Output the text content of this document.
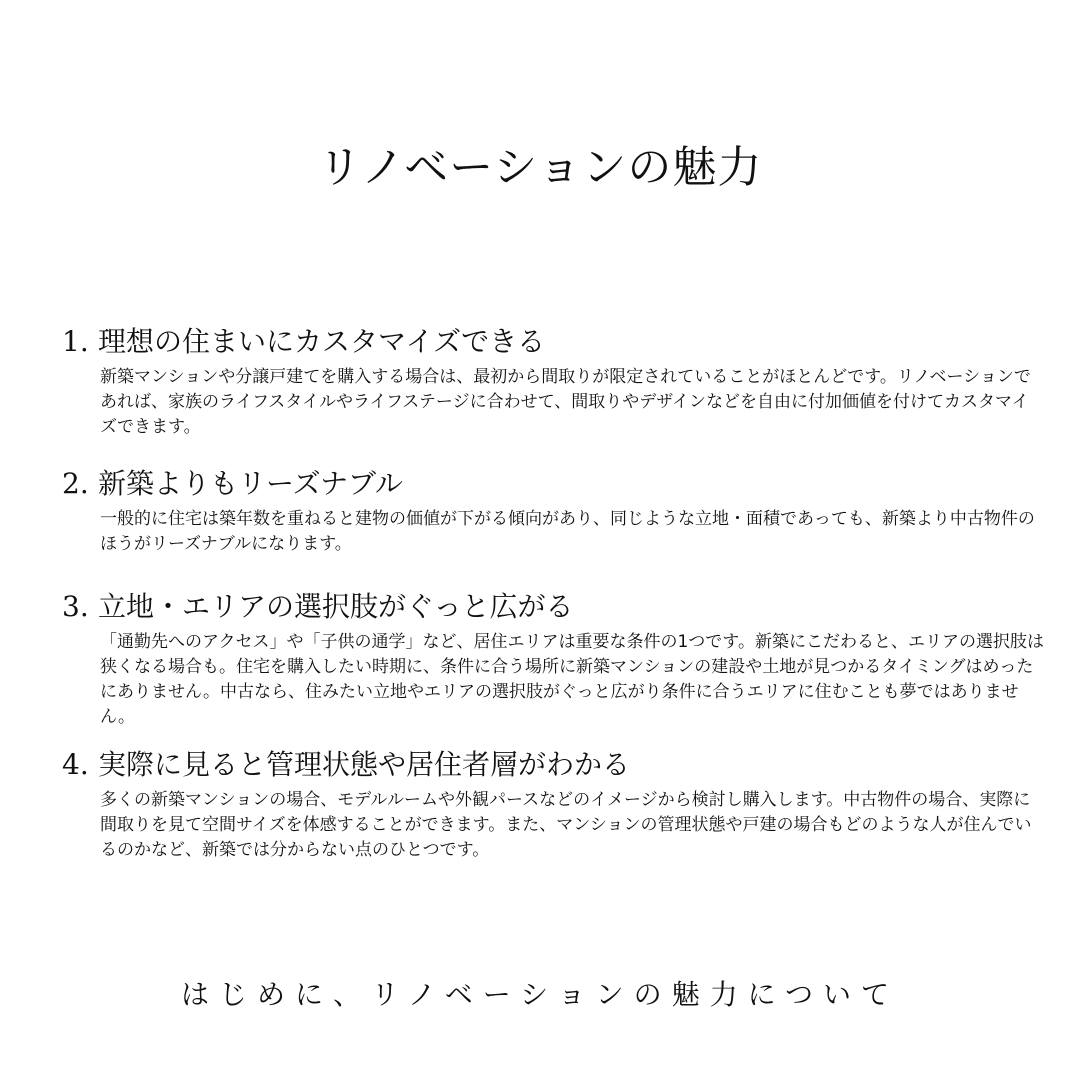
リノベーションの魅力
1. 理想の住まいにカスタマイズできる

新築マンションや分譲戸建てを購入する場合は、最初から間取りが限定されていることがほとんどです。リノベーションであれば、家族のライフスタイルやライフステージに合わせて、間取りやデザインなどを自由に付加価値を付けてカスタマイズできます。

2. 新築よりもリーズナブル

一般的に住宅は築年数を重ねると建物の価値が下がる傾向があり、同じような立地・面積であっても、新築より中古物件のほうがリーズナブルになります。

3. 立地・エリアの選択肢がぐっと広がる

「通勤先へのアクセス」や「子供の通学」など、居住エリアは重要な条件の1つです。新築にこだわると、エリアの選択肢は狭くなる場合も。住宅を購入したい時期に、条件に合う場所に新築マンションの建設や土地が見つかるタイミングはめったにありません。中古なら、住みたい立地やエリアの選択肢がぐっと広がり条件に合うエリアに住むことも夢ではありません。

4. 実際に見ると管理状態や居住者層がわかる

多くの新築マンションの場合、モデルルームや外観パースなどのイメージから検討し購入します。中古物件の場合、実際に間取りを見て空間サイズを体感することができます。また、マンションの管理状態や戸建の場合もどのような人が住んでいるのかなど、新築では分からない点のひとつです。

はじめに、リノベーションの魅力について
